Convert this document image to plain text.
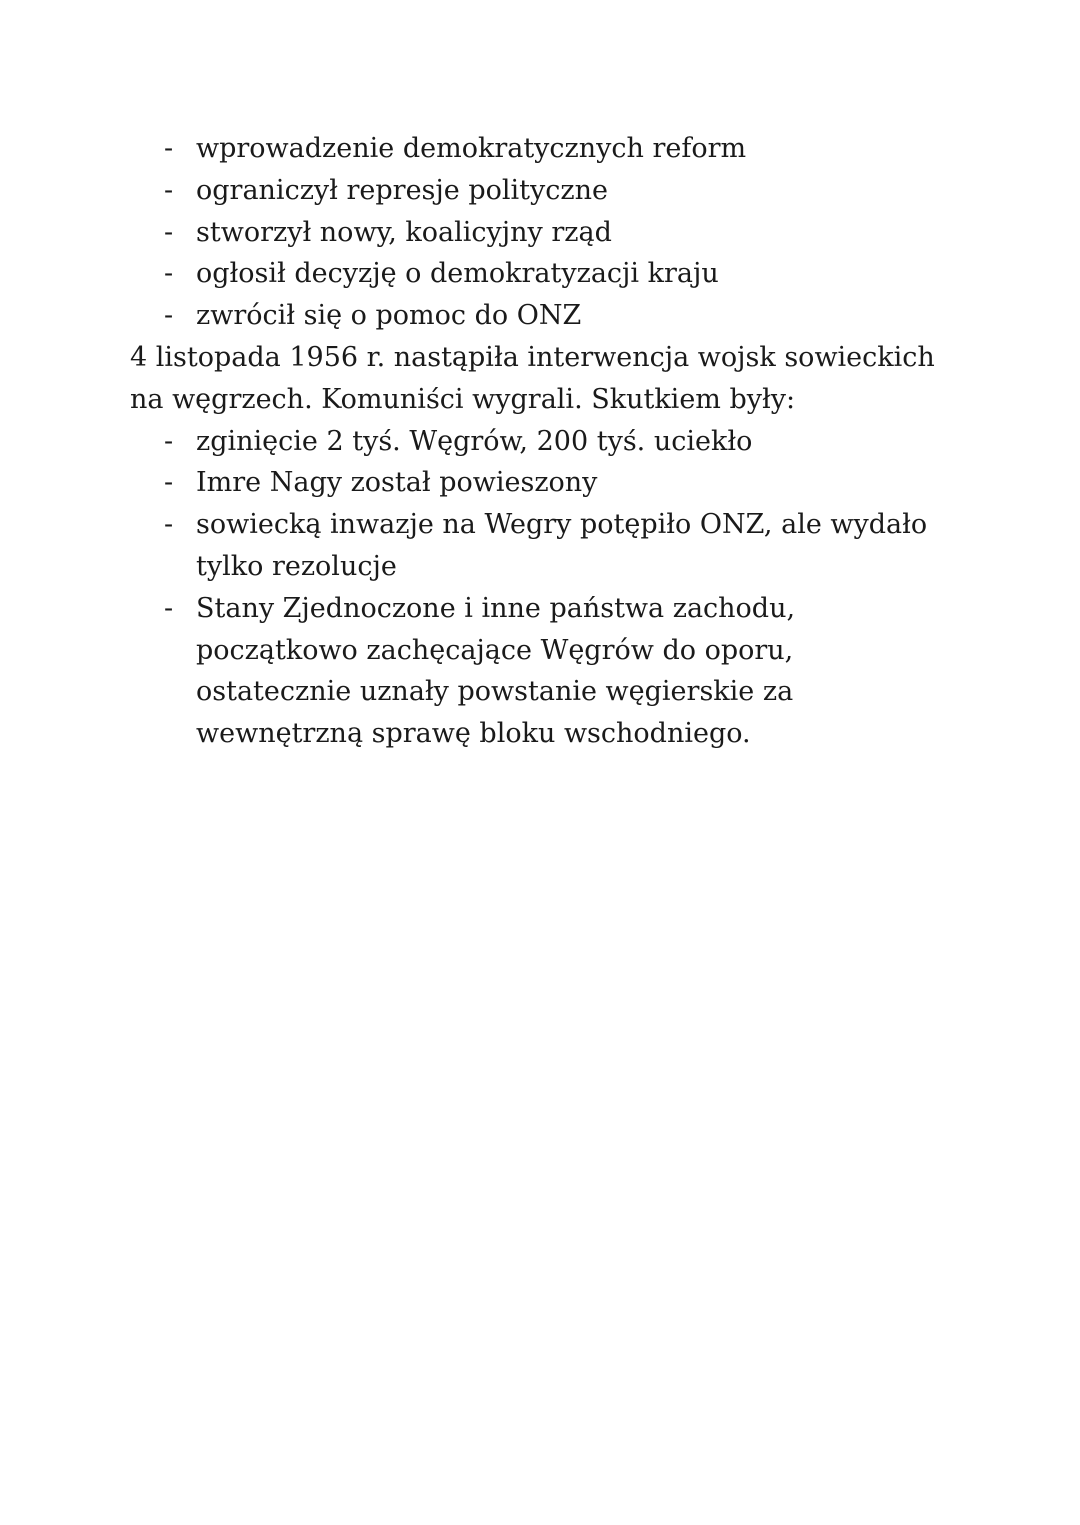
- wprowadzenie demokratycznych reform
- ograniczył represje polityczne
- stworzył nowy, koalicyjny rząd
- ogłosił decyzję o demokratyzacji kraju
- zwrócił się o pomoc do ONZ

4 listopada 1956 r. nastąpiła interwencja wojsk sowieckich na węgrzech. Komuniści wygrali. Skutkiem były:

- zginięcie 2 tyś. Węgrów, 200 tyś. uciekło
- Imre Nagy został powieszony
- sowiecką inwazje na Wegry potępiło ONZ, ale wydało tylko rezolucje
- Stany Zjednoczone i inne państwa zachodu, początkowo zachęcające Węgrów do oporu, ostatecznie uznały powstanie węgierskie za wewnętrzną sprawę bloku wschodniego.
